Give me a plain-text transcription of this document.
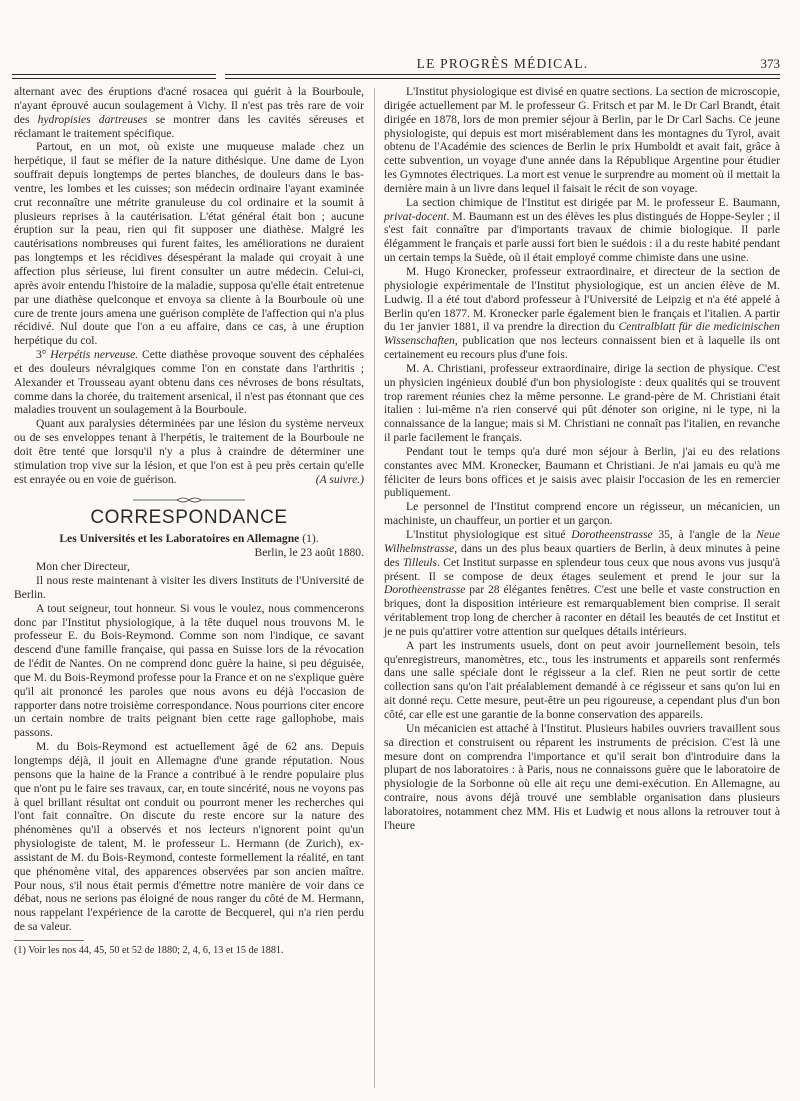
LE PROGRÈS MÉDICAL.	373

alternant avec des éruptions d'acné rosacea qui guérit à la Bourboule, n'ayant éprouvé aucun soulagement à Vichy. Il n'est pas très rare de voir des hydropisies dartreuses se montrer dans les cavités séreuses et réclamant le traitement spécifique.

Partout, en un mot, où existe une muqueuse malade chez un herpétique, il faut se méfier de la nature dithésique. Une dame de Lyon souffrait depuis longtemps de pertes blanches, de douleurs dans le bas-ventre, les lombes et les cuisses; son médecin ordinaire l'ayant examinée crut reconnaître une métrite granuleuse du col ordinaire et la soumit à plusieurs reprises à la cautérisation. L'état général était bon ; aucune éruption sur la peau, rien qui fit supposer une diathèse. Malgré les cautérisations nombreuses qui furent faites, les améliorations ne duraient pas longtemps et les récidives désespérant la malade qui croyait à une affection plus sérieuse, lui firent consulter un autre médecin. Celui-ci, après avoir entendu l'histoire de la maladie, supposa qu'elle était entretenue par une diathèse quelconque et envoya sa cliente à la Bourboule où une cure de trente jours amena une guérison complète de l'affection qui n'a plus récidivé. Nul doute que l'on a eu affaire, dans ce cas, à une éruption herpétique du col.

3° Herpétis nerveuse. Cette diathèse provoque souvent des céphalées et des douleurs névralgiques comme l'on en constate dans l'arthritis ; Alexander et Trousseau ayant obtenu dans ces névroses de bons résultats, comme dans la chorée, du traitement arsenical, il n'est pas étonnant que ces maladies trouvent un soulagement à la Bourboule.

Quant aux paralysies déterminées par une lésion du système nerveux ou de ses enveloppes tenant à l'herpétis, le traitement de la Bourboule ne doit être tenté que lorsqu'il n'y a plus à craindre de déterminer une stimulation trop vive sur la lésion, et que l'on est à peu près certain qu'elle est enrayée ou en voie de guérison.	(A suivre.)

CORRESPONDANCE

Les Universités et les Laboratoires en Allemagne (1).

Berlin, le 23 août 1880.

Mon cher Directeur,

Il nous reste maintenant à visiter les divers Instituts de l'Université de Berlin.

A tout seigneur, tout honneur. Si vous le voulez, nous commencerons donc par l'Institut physiologique, à la tête duquel nous trouvons M. le professeur E. du Bois-Reymond. Comme son nom l'indique, ce savant descend d'une famille française, qui passa en Suisse lors de la révocation de l'édit de Nantes. On ne comprend donc guère la haine, si peu déguisée, que M. du Bois-Reymond professe pour la France et on ne s'explique guère qu'il ait prononcé les paroles que nous avons eu déjà l'occasion de rapporter dans notre troisième correspondance. Nous pourrions citer encore un certain nombre de traits peignant bien cette rage gallophobe, mais passons.

M. du Bois-Reymond est actuellement âgé de 62 ans. Depuis longtemps déjà, il jouit en Allemagne d'une grande réputation. Nous pensons que la haine de la France a contribué à le rendre populaire plus que n'ont pu le faire ses travaux, car, en toute sincérité, nous ne voyons pas à quel brillant résultat ont conduit ou pourront mener les recherches qui l'ont fait connaître. On discute du reste encore sur la nature des phénomènes qu'il a observés et nos lecteurs n'ignorent point qu'un physiologiste de talent, M. le professeur L. Hermann (de Zurich), ex-assistant de M. du Bois-Reymond, conteste formellement la réalité, en tant que phénomène vital, des apparences observées par son ancien maître. Pour nous, s'il nous était permis d'émettre notre manière de voir dans ce débat, nous ne serions pas éloigné de nous ranger du côté de M. Hermann, nous rappelant l'expérience de la carotte de Becquerel, qui n'a rien perdu de sa valeur.

(1) Voir les nos 44, 45, 50 et 52 de 1880; 2, 4, 6, 13 et 15 de 1881.

L'Institut physiologique est divisé en quatre sections. La section de microscopie, dirigée actuellement par M. le professeur G. Fritsch et par M. le Dr Carl Brandt, était dirigée en 1878, lors de mon premier séjour à Berlin, par le Dr Carl Sachs. Ce jeune physiologiste, qui depuis est mort misérablement dans les montagnes du Tyrol, avait obtenu de l'Académie des sciences de Berlin le prix Humboldt et avait fait, grâce à cette subvention, un voyage d'une année dans la République Argentine pour étudier les Gymnotes électriques. La mort est venue le surprendre au moment où il mettait la dernière main à un livre dans lequel il faisait le récit de son voyage.

La section chimique de l'Institut est dirigée par M. le professeur E. Baumann, privat-docent. M. Baumann est un des élèves les plus distingués de Hoppe-Seyler ; il s'est fait connaître par d'importants travaux de chimie biologique. Il parle élégamment le français et parle aussi fort bien le suédois : il a du reste habité pendant un certain temps la Suède, où il était employé comme chimiste dans une usine.

M. Hugo Kronecker, professeur extraordinaire, et directeur de la section de physiologie expérimentale de l'Institut physiologique, est un ancien élève de M. Ludwig. Il a été tout d'abord professeur à l'Université de Leipzig et n'a été appelé à Berlin qu'en 1877. M. Kronecker parle également bien le français et l'italien. A partir du 1er janvier 1881, il va prendre la direction du Centralblatt für die medicinischen Wissenschaften, publication que nos lecteurs connaissent bien et à laquelle ils ont certainement eu recours plus d'une fois.

M. A. Christiani, professeur extraordinaire, dirige la section de physique. C'est un physicien ingénieux doublé d'un bon physiologiste : deux qualités qui se trouvent trop rarement réunies chez la même personne. Le grand-père de M. Christiani était italien : lui-même n'a rien conservé qui pût dénoter son origine, ni le type, ni la connaissance de la langue; mais si M. Christiani ne connaît pas l'italien, en revanche il parle facilement le français.

Pendant tout le temps qu'a duré mon séjour à Berlin, j'ai eu des relations constantes avec MM. Kronecker, Baumann et Christiani. Je n'ai jamais eu qu'à me féliciter de leurs bons offices et je saisis avec plaisir l'occasion de les en remercier publiquement.

Le personnel de l'Institut comprend encore un régisseur, un mécanicien, un machiniste, un chauffeur, un portier et un garçon.

L'Institut physiologique est situé Dorotheenstrasse 35, à l'angle de la Neue Wilhelmstrasse, dans un des plus beaux quartiers de Berlin, à deux minutes à peine des Tilleuls. Cet Institut surpasse en splendeur tous ceux que nous avons vus jusqu'à présent. Il se compose de deux étages seulement et prend le jour sur la Dorotheenstrasse par 28 élégantes fenêtres. C'est une belle et vaste construction en briques, dont la disposition intérieure est remarquablement bien comprise. Il serait véritablement trop long de chercher à raconter en détail les beautés de cet Institut et je ne puis qu'attirer votre attention sur quelques détails intérieurs.

A part les instruments usuels, dont on peut avoir journellement besoin, tels qu'enregistreurs, manomètres, etc., tous les instruments et appareils sont renfermés dans une salle spéciale dont le régisseur a la clef. Rien ne peut sortir de cette collection sans qu'on l'ait préalablement demandé à ce régisseur et sans qu'on lui en ait donné reçu. Cette mesure, peut-être un peu rigoureuse, a cependant plus d'un bon côté, car elle est une garantie de la bonne conservation des appareils.

Un mécanicien est attaché à l'Institut. Plusieurs habiles ouvriers travaillent sous sa direction et construisent ou réparent les instruments de précision. C'est là une mesure dont on comprendra l'importance et qu'il serait bon d'introduire dans la plupart de nos laboratoires : à Paris, nous ne connaissons guère que le laboratoire de physiologie de la Sorbonne où elle ait reçu une demi-exécution. En Allemagne, au contraire, nous avons déjà trouvé une semblable organisation dans plusieurs laboratoires, notamment chez MM. His et Ludwig et nous allons la retrouver tout à l'heure
